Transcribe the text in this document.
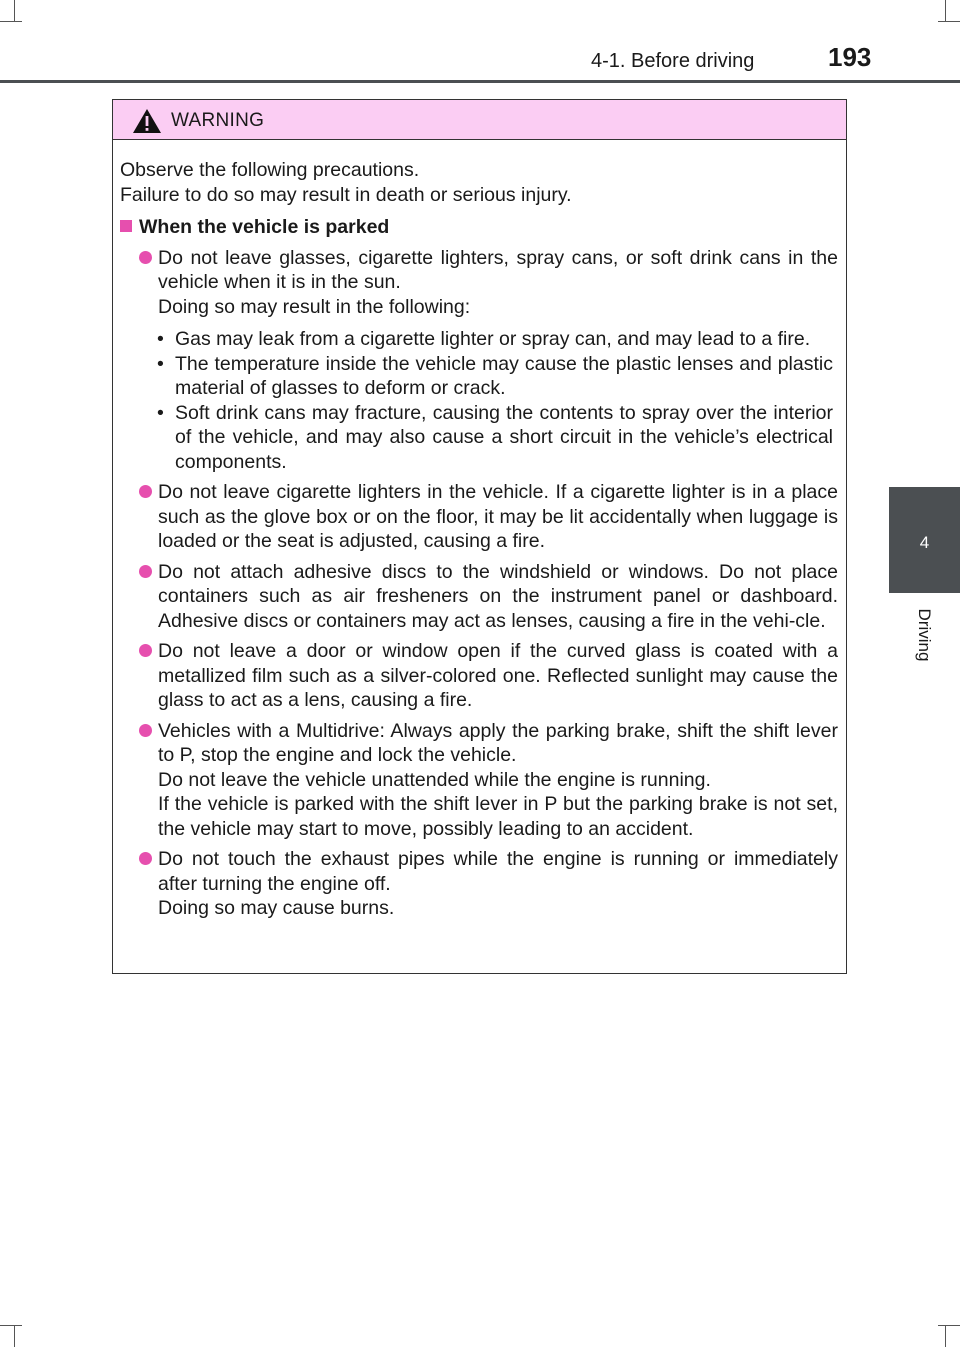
4-1. Before driving	193
4
Driving
WARNING
Observe the following precautions.
Failure to do so may result in death or serious injury.
When the vehicle is parked
Do not leave glasses, cigarette lighters, spray cans, or soft drink cans in the vehicle when it is in the sun.
Doing so may result in the following:
• Gas may leak from a cigarette lighter or spray can, and may lead to a fire.
• The temperature inside the vehicle may cause the plastic lenses and plastic material of glasses to deform or crack.
• Soft drink cans may fracture, causing the contents to spray over the interior of the vehicle, and may also cause a short circuit in the vehicle’s electrical components.
Do not leave cigarette lighters in the vehicle. If a cigarette lighter is in a place such as the glove box or on the floor, it may be lit accidentally when luggage is loaded or the seat is adjusted, causing a fire.
Do not attach adhesive discs to the windshield or windows. Do not place containers such as air fresheners on the instrument panel or dashboard. Adhesive discs or containers may act as lenses, causing a fire in the vehi-cle.
Do not leave a door or window open if the curved glass is coated with a metallized film such as a silver-colored one. Reflected sunlight may cause the glass to act as a lens, causing a fire.
Vehicles with a Multidrive: Always apply the parking brake, shift the shift lever to P, stop the engine and lock the vehicle.
Do not leave the vehicle unattended while the engine is running.
If the vehicle is parked with the shift lever in P but the parking brake is not set, the vehicle may start to move, possibly leading to an accident.
Do not touch the exhaust pipes while the engine is running or immediately after turning the engine off.
Doing so may cause burns.
